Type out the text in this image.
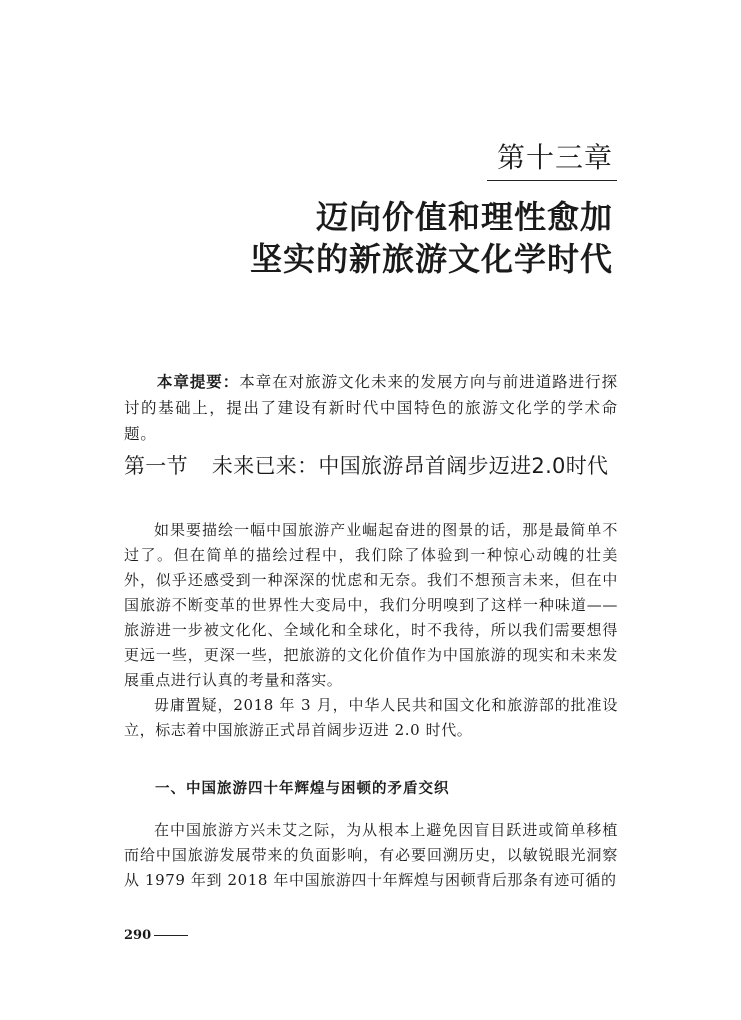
第十三章
迈向价值和理性愈加
坚实的新旅游文化学时代
  本章提要：本章在对旅游文化未来的发展方向与前进道路进行探讨的基础上，提出了建设有新时代中国特色的旅游文化学的学术命题。
第一节 未来已来：中国旅游昂首阔步迈进2.0时代

如果要描绘一幅中国旅游产业崛起奋进的图景的话，那是最简单不过了。但在简单的描绘过程中，我们除了体验到一种惊心动魄的壮美外，似乎还感受到一种深深的忧虑和无奈。我们不想预言未来，但在中国旅游不断变革的世界性大变局中，我们分明嗅到了这样一种味道——旅游进一步被文化化、全域化和全球化，时不我待，所以我们需要想得更远一些，更深一些，把旅游的文化价值作为中国旅游的现实和未来发展重点进行认真的考量和落实。

毋庸置疑，2018 年 3 月，中华人民共和国文化和旅游部的批准设立，标志着中国旅游正式昂首阔步迈进 2.0 时代。

一、中国旅游四十年辉煌与困顿的矛盾交织

在中国旅游方兴未艾之际，为从根本上避免因盲目跃进或简单移植而给中国旅游发展带来的负面影响，有必要回溯历史，以敏锐眼光洞察从 1979 年到 2018 年中国旅游四十年辉煌与困顿背后那条有迹可循的

290
